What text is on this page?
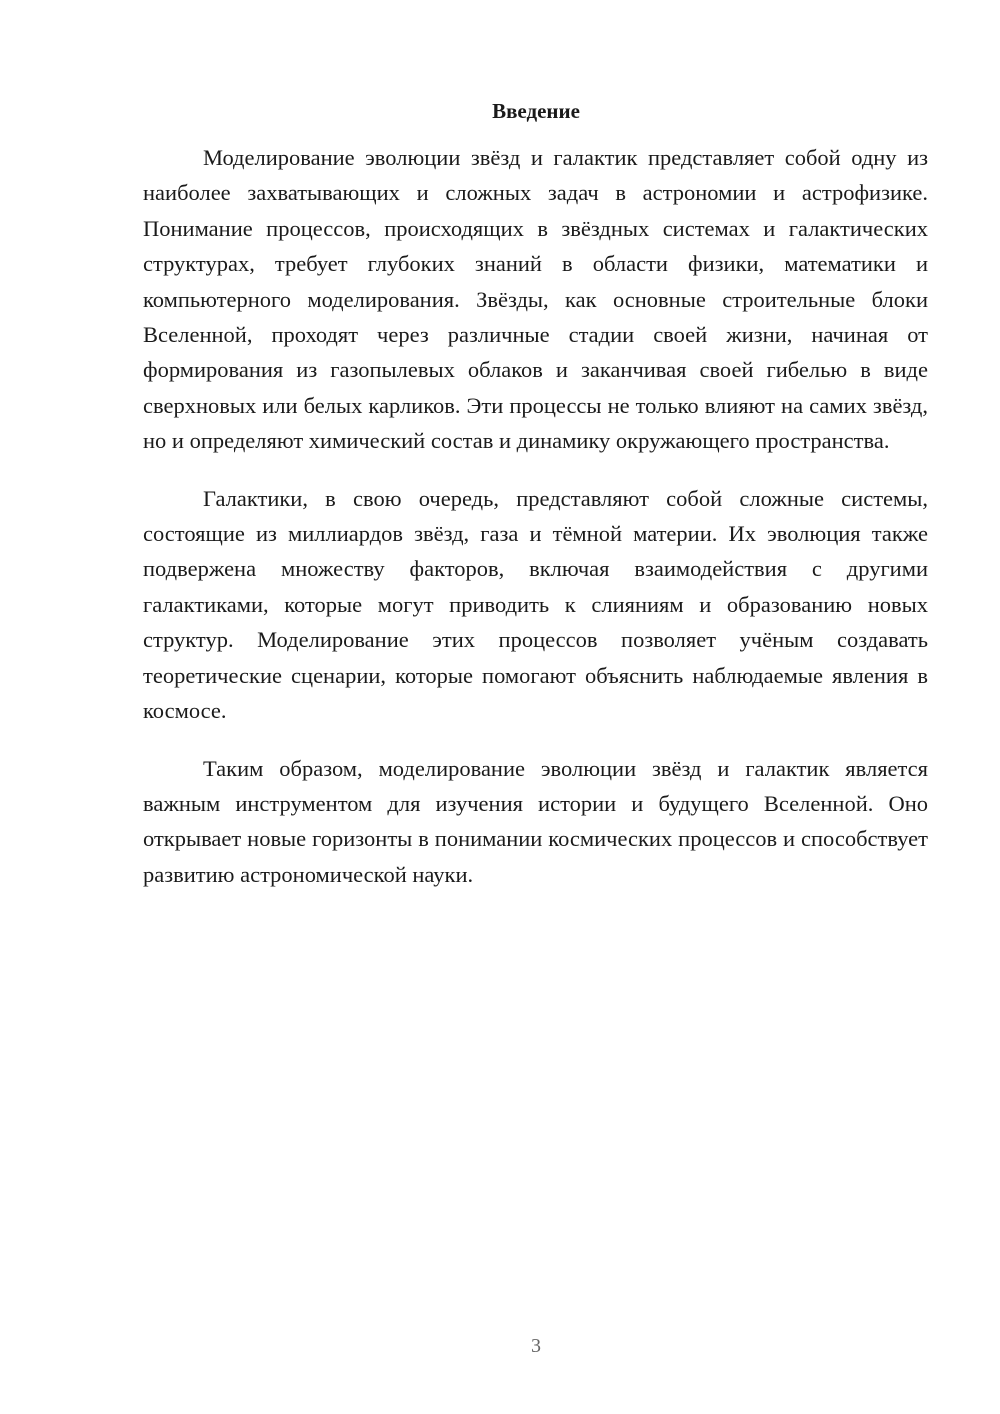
Введение

Моделирование эволюции звёзд и галактик представляет собой одну из наиболее захватывающих и сложных задач в астрономии и астрофизике. Понимание процессов, происходящих в звёздных системах и галактических структурах, требует глубоких знаний в области физики, математики и компьютерного моделирования. Звёзды, как основные строительные блоки Вселенной, проходят через различные стадии своей жизни, начиная от формирования из газопылевых облаков и заканчивая своей гибелью в виде сверхновых или белых карликов. Эти процессы не только влияют на самих звёзд, но и определяют химический состав и динамику окружающего пространства.

Галактики, в свою очередь, представляют собой сложные системы, состоящие из миллиардов звёзд, газа и тёмной материи. Их эволюция также подвержена множеству факторов, включая взаимодействия с другими галактиками, которые могут приводить к слияниям и образованию новых структур. Моделирование этих процессов позволяет учёным создавать теоретические сценарии, которые помогают объяснить наблюдаемые явления в космосе.

Таким образом, моделирование эволюции звёзд и галактик является важным инструментом для изучения истории и будущего Вселенной. Оно открывает новые горизонты в понимании космических процессов и способствует развитию астрономической науки.

3
